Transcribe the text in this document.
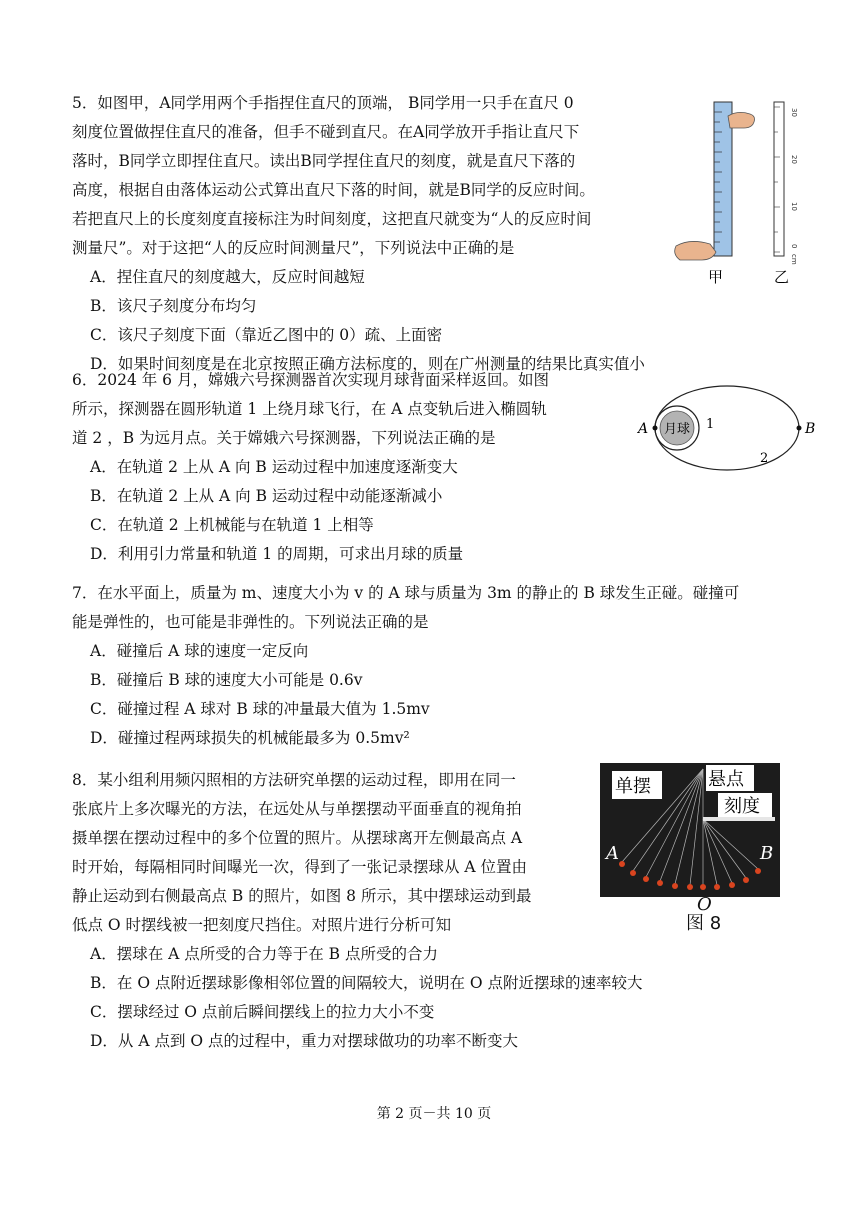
5．如图甲，A同学用两个手指捏住直尺的顶端， B同学用一只手在直尺 0
刻度位置做捏住直尺的准备，但手不碰到直尺。在A同学放开手指让直尺下
落时，B同学立即捏住直尺。读出B同学捏住直尺的刻度，就是直尺下落的
高度，根据自由落体运动公式算出直尺下落的时间，就是B同学的反应时间。
若把直尺上的长度刻度直接标注为时间刻度，这把直尺就变为“人的反应时间
测量尺”。对于这把“人的反应时间测量尺”，下列说法中正确的是
A．捏住直尺的刻度越大，反应时间越短
B．该尺子刻度分布均匀
C．该尺子刻度下面（靠近乙图中的 0）疏、上面密
D．如果时间刻度是在北京按照正确方法标度的，则在广州测量的结果比真实值小
30
20
10
0
cm
甲	乙
6．2024 年 6 月，嫦娥六号探测器首次实现月球背面采样返回。如图
所示，探测器在圆形轨道 1 上绕月球飞行，在 A 点变轨后进入椭圆轨
道 2 ，B 为远月点。关于嫦娥六号探测器，下列说法正确的是
A．在轨道 2 上从 A 向 B 运动过程中加速度逐渐变大
B．在轨道 2 上从 A 向 B 运动过程中动能逐渐减小
C．在轨道 2 上机械能与在轨道 1 上相等
D．利用引力常量和轨道 1 的周期，可求出月球的质量
月球
A	B
1
2
7．在水平面上，质量为 m、速度大小为 v 的 A 球与质量为 3m 的静止的 B 球发生正碰。碰撞可
能是弹性的，也可能是非弹性的。下列说法正确的是
A．碰撞后 A 球的速度一定反向
B．碰撞后 B 球的速度大小可能是 0.6v
C．碰撞过程 A 球对 B 球的冲量最大值为 1.5mv
D．碰撞过程两球损失的机械能最多为 0.5mv²
8．某小组利用频闪照相的方法研究单摆的运动过程，即用在同一
张底片上多次曝光的方法，在远处从与单摆摆动平面垂直的视角拍
摄单摆在摆动过程中的多个位置的照片。从摆球离开左侧最高点 A
时开始，每隔相同时间曝光一次，得到了一张记录摆球从 A 位置由
静止运动到右侧最高点 B 的照片，如图 8 所示，其中摆球运动到最
低点 O 时摆线被一把刻度尺挡住。对照片进行分析可知
A．摆球在 A 点所受的合力等于在 B 点所受的合力
B．在 O 点附近摆球影像相邻位置的间隔较大，说明在 O 点附近摆球的速率较大
C．摆球经过 O 点前后瞬间摆线上的拉力大小不变
D．从 A 点到 O 点的过程中，重力对摆球做功的功率不断变大
单摆	悬点
刻度
A	B
O
图 8
第 2 页－共 10 页
